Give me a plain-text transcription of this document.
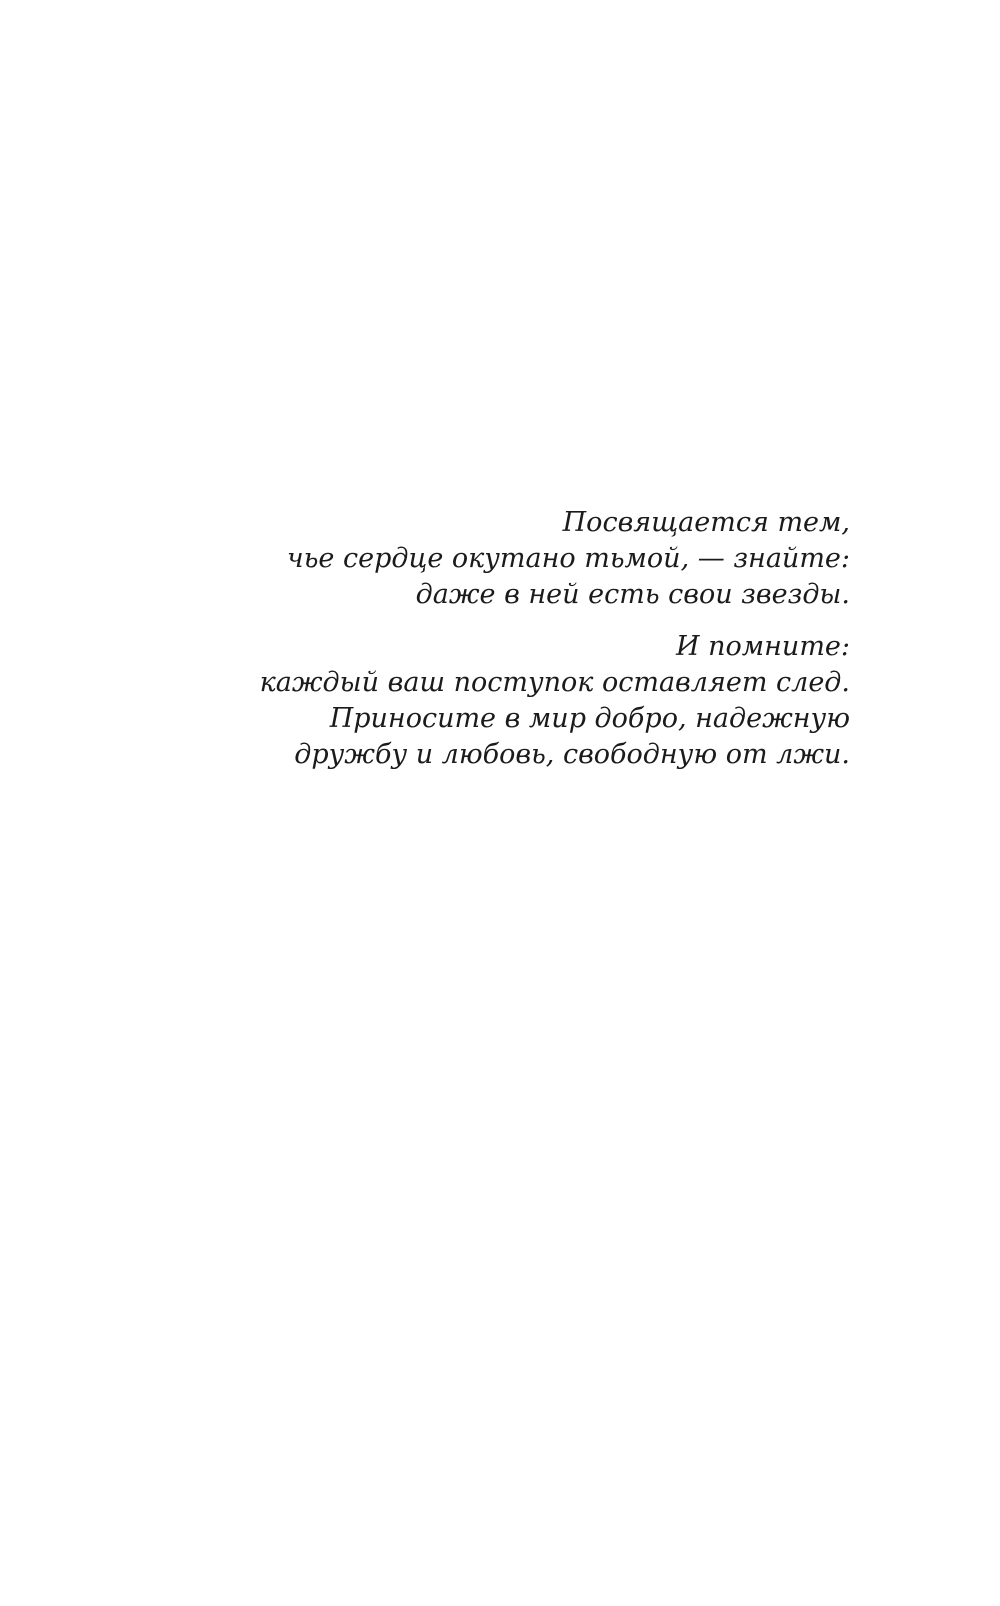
Посвящается тем,
чье сердце окутано тьмой, — знайте:
даже в ней есть свои звезды.

И помните:
каждый ваш поступок оставляет след.
Приносите в мир добро, надежную
дружбу и любовь, свободную от лжи.
